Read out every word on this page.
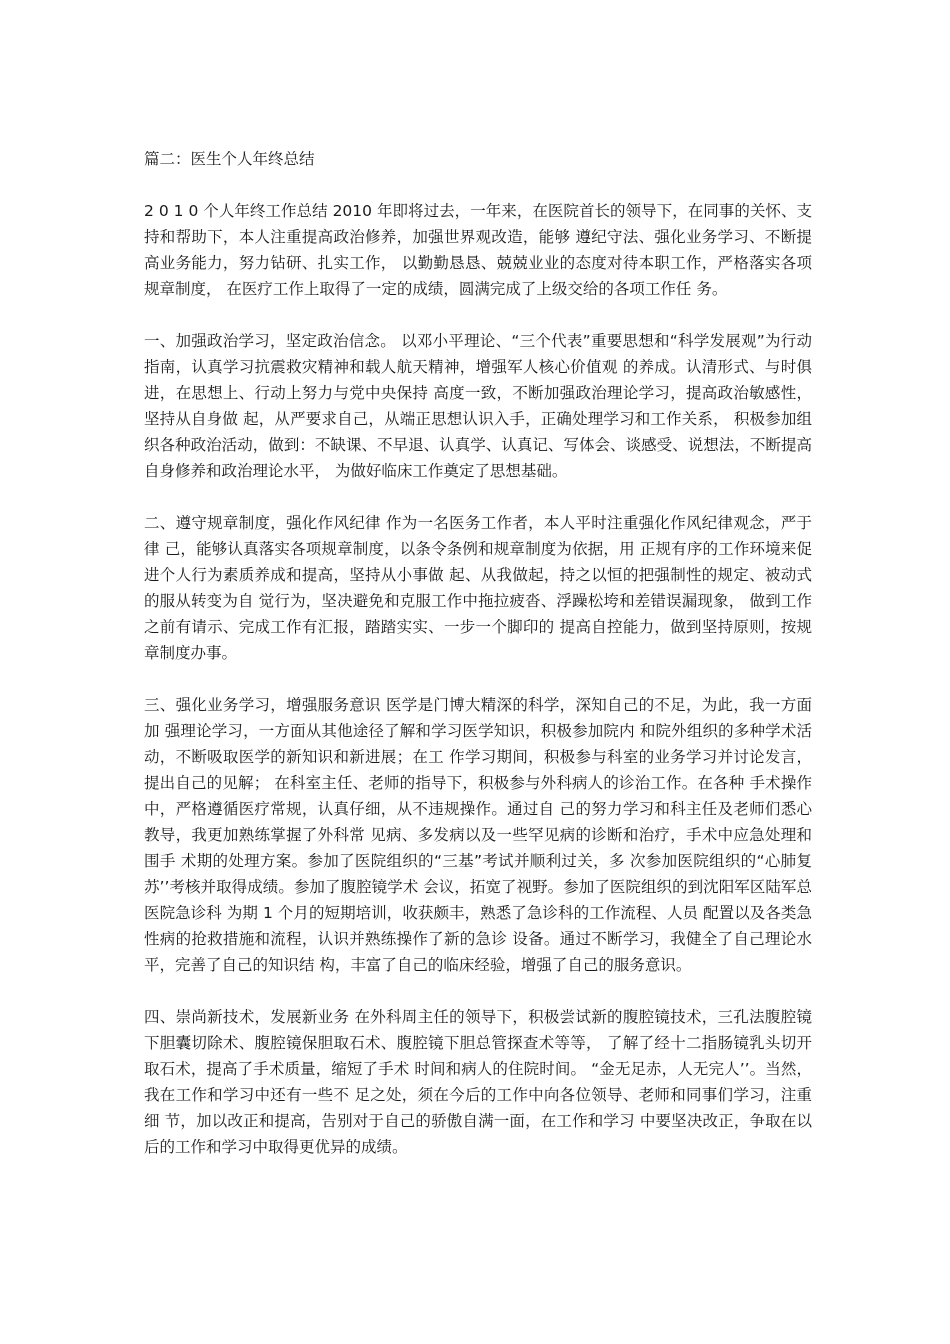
篇二：医生个人年终总结

2 0 1 0 个人年终工作总结 2010 年即将过去，一年来，在医院首长的领导下，在同事的关怀、支持和帮助下，本人注重提高政治修养，加强世界观改造，能够 遵纪守法、强化业务学习、不断提高业务能力，努力钻研、扎实工作， 以勤勤恳恳、兢兢业业的态度对待本职工作，严格落实各项规章制度， 在医疗工作上取得了一定的成绩，圆满完成了上级交给的各项工作任 务。

一、加强政治学习，坚定政治信念。 以邓小平理论、“三个代表”重要思想和“科学发展观”为行动 指南，认真学习抗震救灾精神和载人航天精神，增强军人核心价值观 的养成。认清形式、与时俱进，在思想上、行动上努力与党中央保持 高度一致，不断加强政治理论学习，提高政治敏感性，坚持从自身做 起，从严要求自己，从端正思想认识入手，正确处理学习和工作关系， 积极参加组织各种政治活动，做到：不缺课、不早退、认真学、认真记、写体会、谈感受、说想法，不断提高自身修养和政治理论水平， 为做好临床工作奠定了思想基础。

二、遵守规章制度，强化作风纪律 作为一名医务工作者，本人平时注重强化作风纪律观念，严于律 己，能够认真落实各项规章制度，以条令条例和规章制度为依据，用 正规有序的工作环境来促进个人行为素质养成和提高，坚持从小事做 起、从我做起，持之以恒的把强制性的规定、被动式的服从转变为自 觉行为，坚决避免和克服工作中拖拉疲沓、浮躁松垮和差错误漏现象， 做到工作之前有请示、完成工作有汇报，踏踏实实、一步一个脚印的 提高自控能力，做到坚持原则，按规章制度办事。

三、强化业务学习，增强服务意识 医学是门博大精深的科学，深知自己的不足，为此，我一方面加 强理论学习，一方面从其他途径了解和学习医学知识，积极参加院内 和院外组织的多种学术活动，不断吸取医学的新知识和新进展；在工 作学习期间，积极参与科室的业务学习并讨论发言，提出自己的见解； 在科室主任、老师的指导下，积极参与外科病人的诊治工作。在各种 手术操作中，严格遵循医疗常规，认真仔细，从不违规操作。通过自 己的努力学习和科主任及老师们悉心教导，我更加熟练掌握了外科常 见病、多发病以及一些罕见病的诊断和治疗，手术中应急处理和围手 术期的处理方案。参加了医院组织的“三基”考试并顺利过关，多 次参加医院组织的“心肺复苏’’考核并取得成绩。参加了腹腔镜学术 会议，拓宽了视野。参加了医院组织的到沈阳军区陆军总医院急诊科 为期 1 个月的短期培训，收获颇丰，熟悉了急诊科的工作流程、人员 配置以及各类急性病的抢救措施和流程，认识并熟练操作了新的急诊 设备。通过不断学习，我健全了自己理论水平，完善了自己的知识结 构，丰富了自己的临床经验，增强了自己的服务意识。

四、崇尚新技术，发展新业务 在外科周主任的领导下，积极尝试新的腹腔镜技术，三孔法腹腔镜下胆囊切除术、腹腔镜保胆取石术、腹腔镜下胆总管探查术等等， 了解了经十二指肠镜乳头切开取石术，提高了手术质量，缩短了手术 时间和病人的住院时间。 “金无足赤，人无完人’’。当然，我在工作和学习中还有一些不 足之处，须在今后的工作中向各位领导、老师和同事们学习，注重细 节，加以改正和提高，告别对于自己的骄傲自满一面，在工作和学习 中要坚决改正，争取在以后的工作和学习中取得更优异的成绩。
